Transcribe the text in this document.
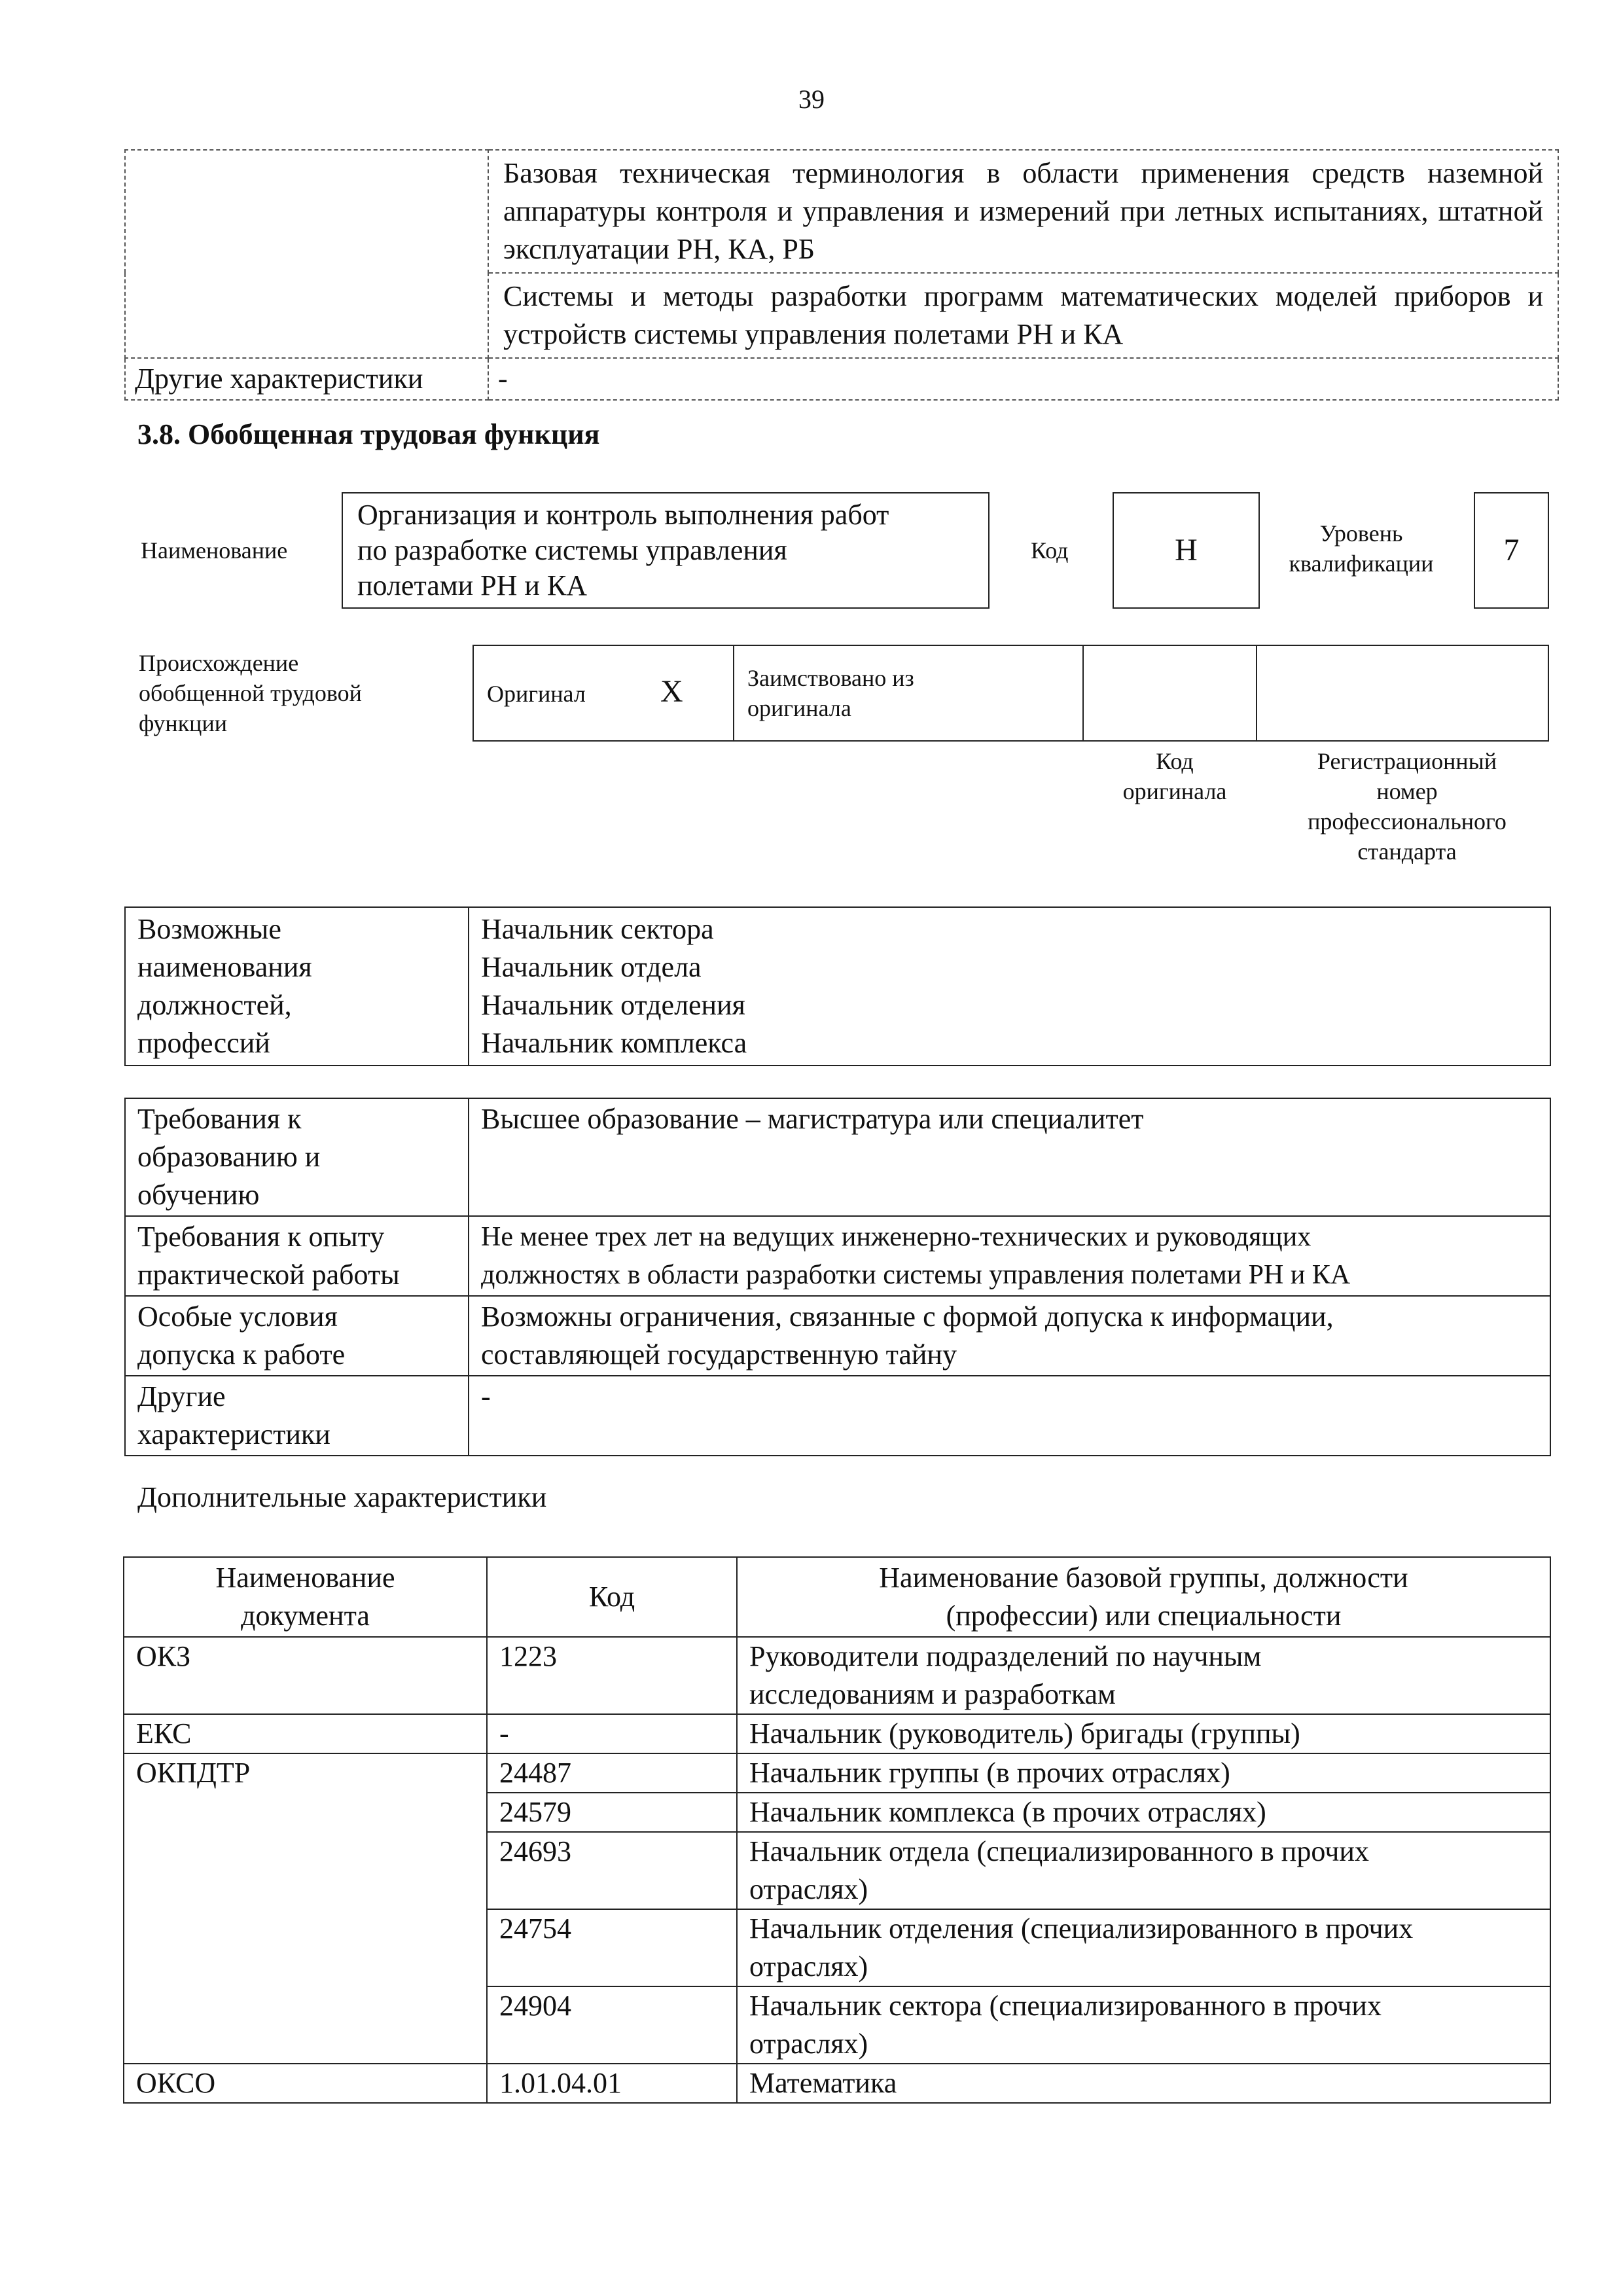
39
	Базовая техническая терминология в области применения средств наземной аппаратуры контроля и управления и измерений при летных испытаниях, штатной эксплуатации РН, КА, РБ
	Системы и методы разработки программ математических моделей приборов и устройств системы управления полетами РН и КА
Другие характеристики	-
3.8. Обобщенная трудовая функция
Наименование
Организация и контроль выполнения работ
по разработке системы управления
полетами РН и КА
Код	H	Уровень
квалификации	7
Происхождение
обобщенной трудовой
функции
Оригинал X	Заимствовано из
оригинала
Код
оригинала
Регистрационный
номер
профессионального
стандарта
Возможные
наименования
должностей,
профессий	Начальник сектора
Начальник отдела
Начальник отделения
Начальник комплекса
Требования к
образованию и
обучению	Высшее образование – магистратура или специалитет
Требования к опыту
практической работы	Не менее трех лет на ведущих инженерно-технических и руководящих
должностях в области разработки системы управления полетами РН и КА
Особые условия
допуска к работе	Возможны ограничения, связанные с формой допуска к информации,
составляющей государственную тайну
Другие
характеристики	-
Дополнительные характеристики
Наименование
документа	Код	Наименование базовой группы, должности
(профессии) или специальности
ОКЗ	1223	Руководители подразделений по научным
исследованиям и разработкам
ЕКС	-	Начальник (руководитель) бригады (группы)
ОКПДТР	24487	Начальник группы (в прочих отраслях)
	24579	Начальник комплекса (в прочих отраслях)
	24693	Начальник отдела (специализированного в прочих
отраслях)
	24754	Начальник отделения (специализированного в прочих
отраслях)
	24904	Начальник сектора (специализированного в прочих
отраслях)
ОКСО	1.01.04.01	Математика
